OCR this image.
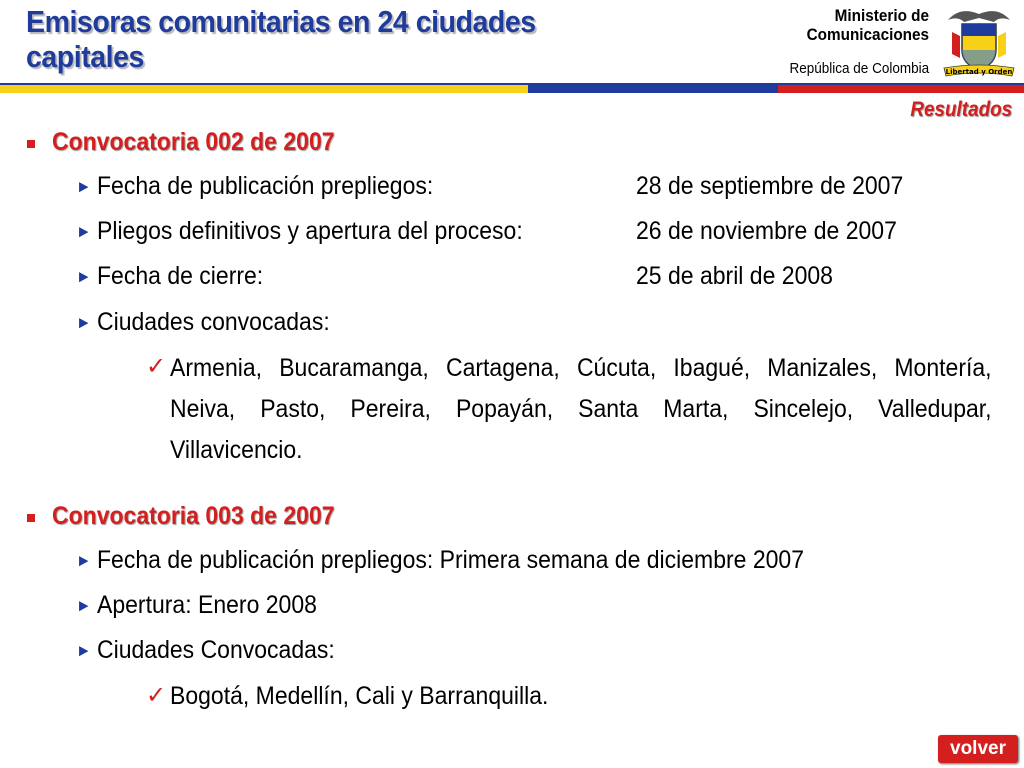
Emisoras comunitarias en 24 ciudades capitales
Ministerio de
Comunicaciones
República de Colombia Libertad y Orden
Resultados
Convocatoria 002 de 2007
► Fecha de publicación prepliegos:	28 de septiembre de 2007
► Pliegos definitivos y apertura del proceso:	26 de noviembre de 2007
► Fecha de cierre:	25 de abril de 2008
► Ciudades convocadas:
✓ Armenia, Bucaramanga, Cartagena, Cúcuta, Ibagué, Manizales, Montería, Neiva, Pasto, Pereira, Popayán, Santa Marta, Sincelejo, Valledupar, Villavicencio.
Convocatoria 003 de 2007
► Fecha de publicación prepliegos: Primera semana de diciembre 2007
► Apertura: Enero 2008
► Ciudades Convocadas:
✓ Bogotá, Medellín, Cali y Barranquilla.
volver
